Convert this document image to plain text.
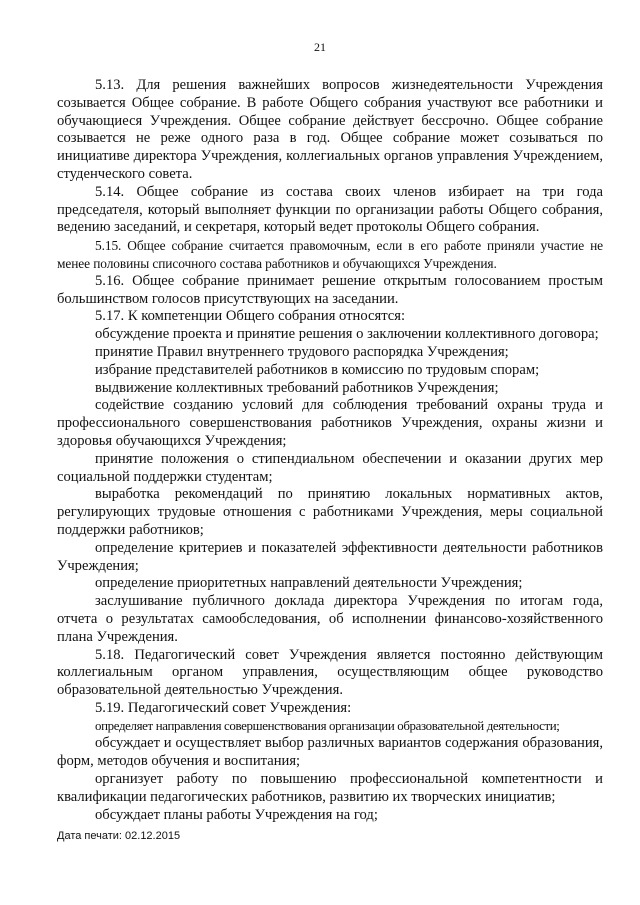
21

5.13. Для решения важнейших вопросов жизнедеятельности Учреждения созывается Общее собрание. В работе Общего собрания участвуют все работники и обучающиеся Учреждения. Общее собрание действует бессрочно. Общее собрание созывается не реже одного раза в год. Общее собрание может созываться по инициативе директора Учреждения, коллегиальных органов управления Учреждением, студенческого совета.

5.14. Общее собрание из состава своих членов избирает на три года председателя, который выполняет функции по организации работы Общего собрания, ведению заседаний, и секретаря, который ведет протоколы Общего собрания.

5.15. Общее собрание считается правомочным, если в его работе приняли участие не менее половины списочного состава работников и обучающихся Учреждения.

5.16. Общее собрание принимает решение открытым голосованием простым большинством голосов присутствующих на заседании.

5.17. К компетенции Общего собрания относятся:

обсуждение проекта и принятие решения о заключении коллективного договора;

принятие Правил внутреннего трудового распорядка Учреждения;

избрание представителей работников в комиссию по трудовым спорам;

выдвижение коллективных требований работников Учреждения;

содействие созданию условий для соблюдения требований охраны труда и профессионального совершенствования работников Учреждения, охраны жизни и здоровья обучающихся Учреждения;

принятие положения о стипендиальном обеспечении и оказании других мер социальной поддержки студентам;

выработка рекомендаций по принятию локальных нормативных актов, регулирующих трудовые отношения с работниками Учреждения, меры социальной поддержки работников;

определение критериев и показателей эффективности деятельности работников Учреждения;

определение приоритетных направлений деятельности Учреждения;

заслушивание публичного доклада директора Учреждения по итогам года, отчета о результатах самообследования, об исполнении финансово-хозяйственного плана Учреждения.

5.18. Педагогический совет Учреждения является постоянно действующим коллегиальным органом управления, осуществляющим общее руководство образовательной деятельностью Учреждения.

5.19. Педагогический совет Учреждения:

определяет направления совершенствования организации образовательной деятельности;

обсуждает и осуществляет выбор различных вариантов содержания образования, форм, методов обучения и воспитания;

организует работу по повышению профессиональной компетентности и квалификации педагогических работников, развитию их творческих инициатив;

обсуждает планы работы Учреждения на год;

Дата печати: 02.12.2015
